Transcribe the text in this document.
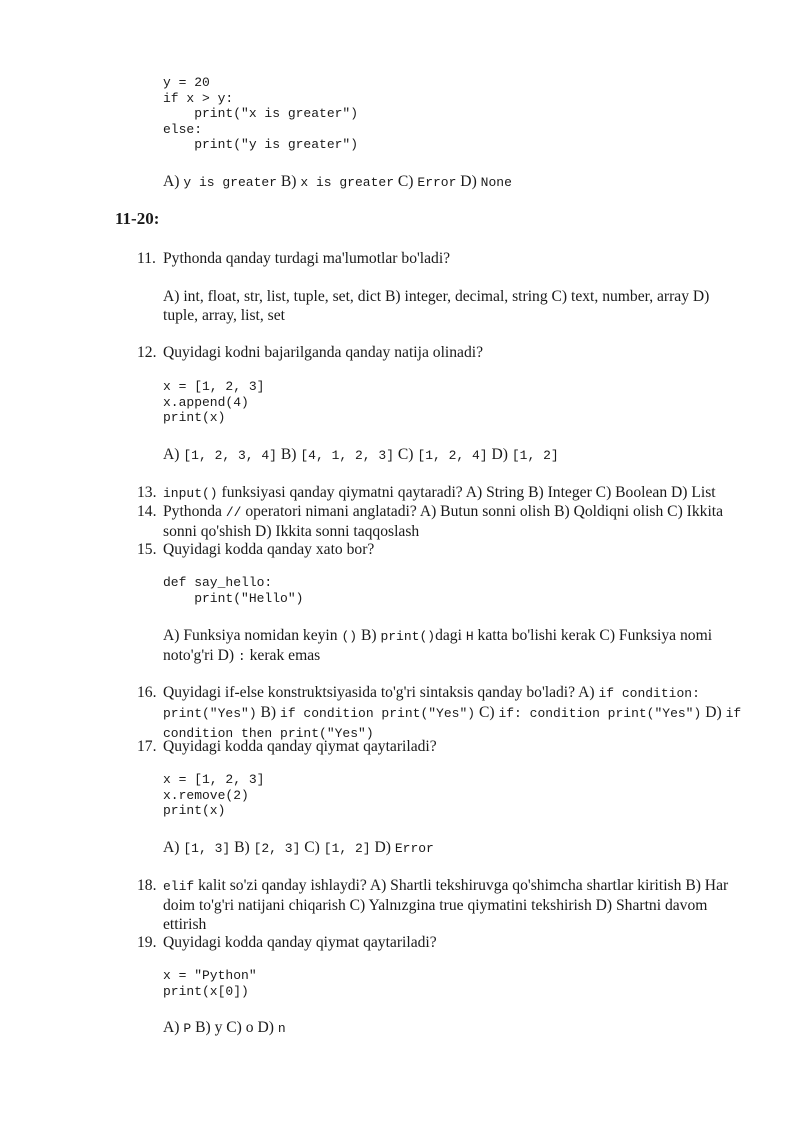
y = 20
if x > y:
print("x is greater")
else:
print("y is greater")
A) y is greater B) x is greater C) Error D) None
11-20:
11. Pythonda qanday turdagi ma'lumotlar bo'ladi?
A) int, float, str, list, tuple, set, dict B) integer, decimal, string C) text, number, array D) tuple, array, list, set
12. Quyidagi kodni bajarilganda qanday natija olinadi?
x = [1, 2, 3]
x.append(4)
print(x)
A) [1, 2, 3, 4] B) [4, 1, 2, 3] C) [1, 2, 4] D) [1, 2]
13. input() funksiyasi qanday qiymatni qaytaradi? A) String B) Integer C) Boolean D) List
14. Pythonda // operatori nimani anglatadi? A) Butun sonni olish B) Qoldiqni olish C) Ikkita sonni qo'shish D) Ikkita sonni taqqoslash
15. Quyidagi kodda qanday xato bor?
def say_hello:
print("Hello")
A) Funksiya nomidan keyin () B) print()dagi H katta bo'lishi kerak C) Funksiya nomi noto'g'ri D) : kerak emas
16. Quyidagi if-else konstruktsiyasida to'g'ri sintaksis qanday bo'ladi? A) if condition: print("Yes") B) if condition print("Yes") C) if: condition print("Yes") D) if condition then print("Yes")
17. Quyidagi kodda qanday qiymat qaytariladi?
x = [1, 2, 3]
x.remove(2)
print(x)
A) [1, 3] B) [2, 3] C) [1, 2] D) Error
18. elif kalit so'zi qanday ishlaydi? A) Shartli tekshiruvga qo'shimcha shartlar kiritish B) Har doim to'g'ri natijani chiqarish C) Yalnızgina true qiymatini tekshirish D) Shartni davom ettirish
19. Quyidagi kodda qanday qiymat qaytariladi?
x = "Python"
print(x[0])
A) P B) y C) o D) n
